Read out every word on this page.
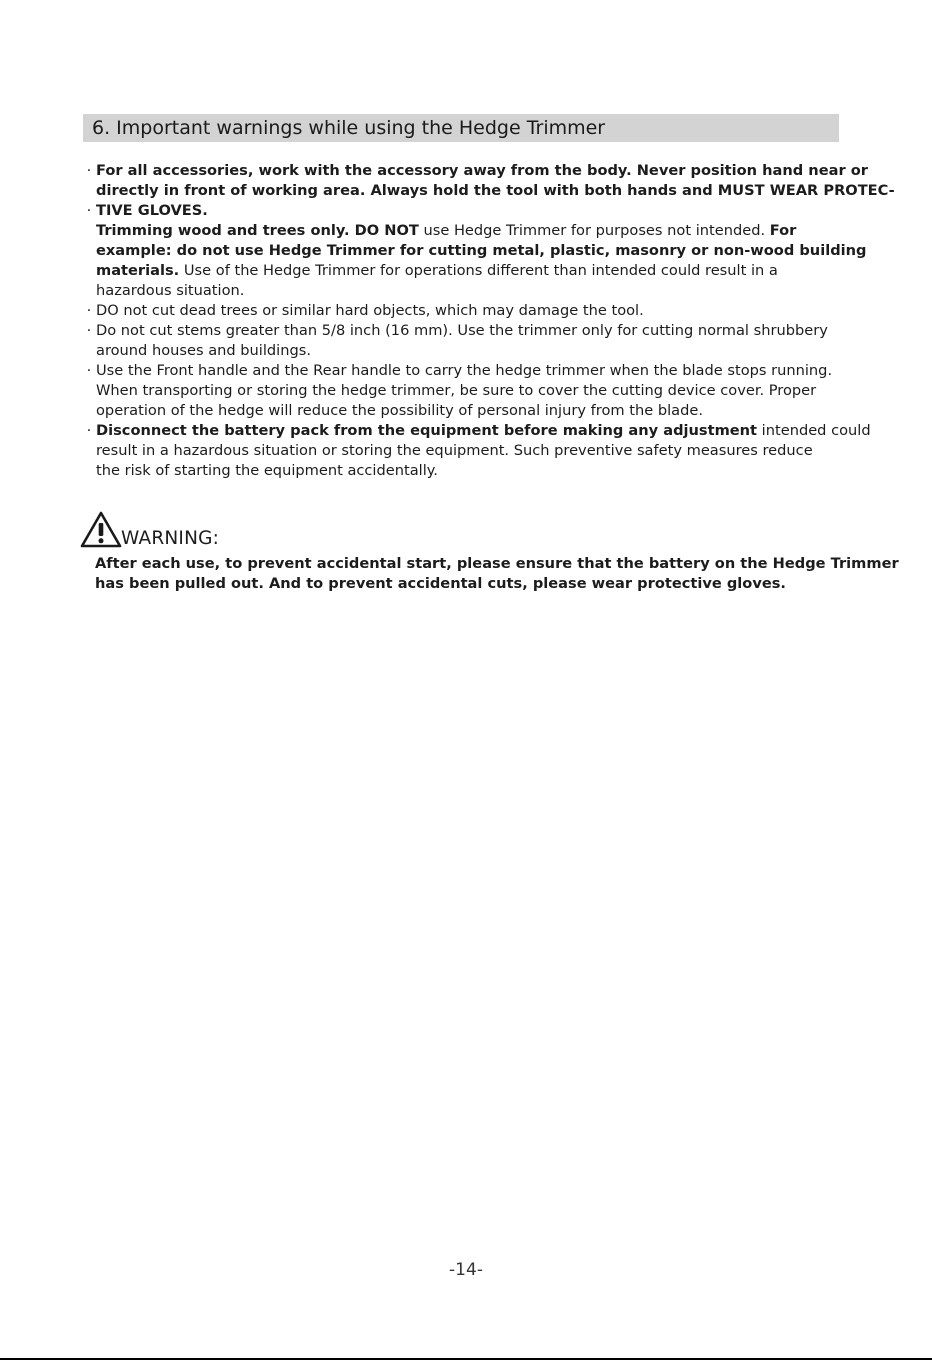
6. Important warnings while using the Hedge Trimmer
· For all accessories, work with the accessory away from the body. Never position hand near or
directly in front of working area. Always hold the tool with both hands and MUST WEAR PROTEC-
· TIVE GLOVES.
Trimming wood and trees only. DO NOT use Hedge Trimmer for purposes not intended. For
example: do not use Hedge Trimmer for cutting metal, plastic, masonry or non-wood building
materials. Use of the Hedge Trimmer for operations different than intended could result in a
hazardous situation.
· DO not cut dead trees or similar hard objects, which may damage the tool.
· Do not cut stems greater than 5/8 inch (16 mm). Use the trimmer only for cutting normal shrubbery
around houses and buildings.
· Use the Front handle and the Rear handle to carry the hedge trimmer when the blade stops running.
When transporting or storing the hedge trimmer, be sure to cover the cutting device cover. Proper
operation of the hedge will reduce the possibility of personal injury from the blade.
· Disconnect the battery pack from the equipment before making any adjustment intended could
result in a hazardous situation or storing the equipment. Such preventive safety measures reduce
the risk of starting the equipment accidentally.
WARNING:
After each use, to prevent accidental start, please ensure that the battery on the Hedge Trimmer
has been pulled out. And to prevent accidental cuts, please wear protective gloves.
-14-
